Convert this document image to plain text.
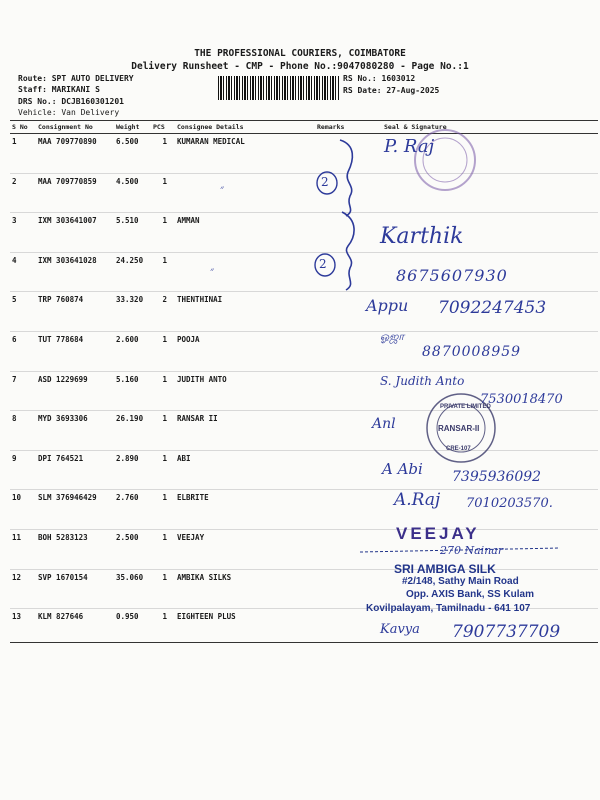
THE PROFESSIONAL COURIERS, COIMBATORE
Delivery Runsheet - CMP - Phone No.:9047080280 - Page No.:1
Route: SPT AUTO DELIVERY
Staff: MARIKANI S
DRS No.: DCJB160301201
Vehicle: Van Delivery
RS No.: 1603012
RS Date: 27-Aug-2025
S No	Consignment No	Weight	PCS	Consignee Details	Remarks	Seal & Signature
1	MAA 709770890	6.500	1	KUMARAN MEDICAL		
2	MAA 709770859	4.500	1			
3	IXM 303641007	5.510	1	AMMAN		
4	IXM 303641028	24.250	1			
5	TRP 760874	33.320	2	THENTHINAI		
6	TUT 778684	2.600	1	POOJA		
7	ASD 1229699	5.160	1	JUDITH ANTO		
8	MYD 3693306	26.190	1	RANSAR II		
9	DPI 764521	2.890	1	ABI		
10	SLM 376946429	2.760	1	ELBRITE		
11	BOH 5283123	2.500	1	VEEJAY		
12	SVP 1670154	35.060	1	AMBIKA SILKS		
13	KLM 827646	0.950	1	EIGHTEEN PLUS		
״
״
2
2
P. Raj
Karthik
8675607930
Appu 7092247453
ஓஜா
8870008959
S. Judith Anto
7530018470
Anl
A Abi 7395936092
A.Raj 7010203570.
270 Nainar
Kavya 7907737709
PRIVATE LIMITED
RANSAR-II
CRE-107
VEEJAY
SRI AMBIGA SILK
#2/148, Sathy Main Road
Opp. AXIS Bank, SS Kulam
Kovilpalayam, Tamilnadu - 641 107
